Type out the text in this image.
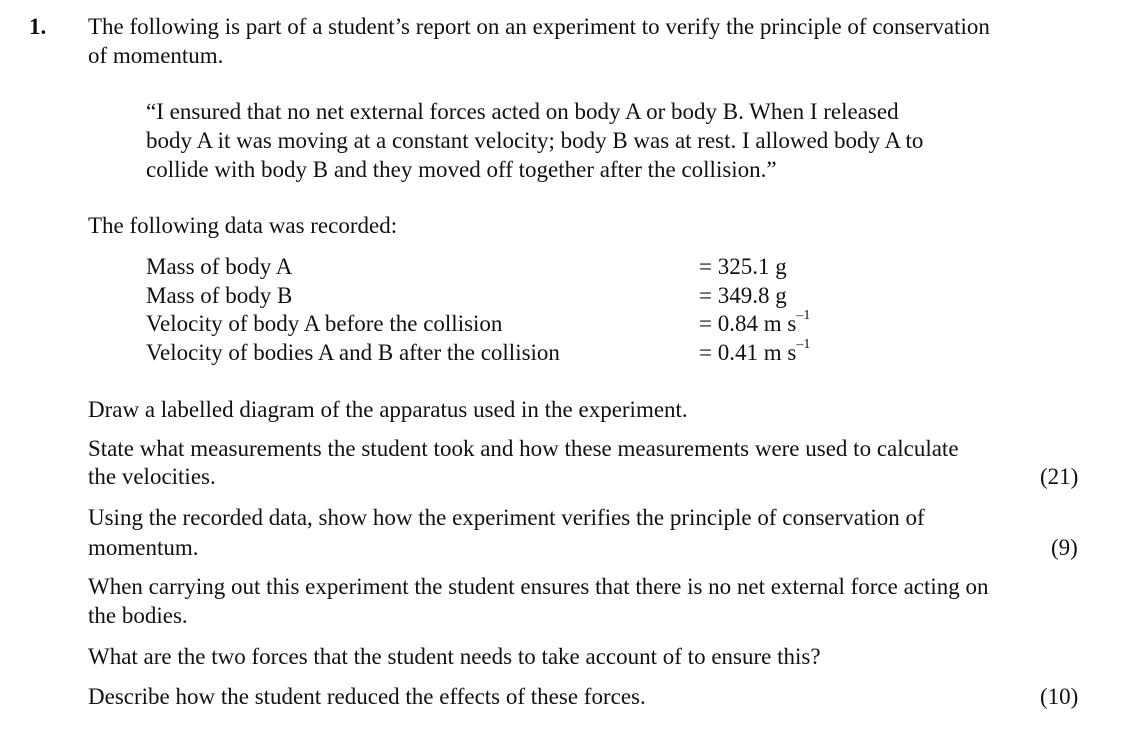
1. The following is part of a student’s report on an experiment to verify the principle of conservation
of momentum.
“I ensured that no net external forces acted on body A or body B. When I released
body A it was moving at a constant velocity; body B was at rest. I allowed body A to
collide with body B and they moved off together after the collision.”
The following data was recorded:
Mass of body A	= 325.1 g
Mass of body B	= 349.8 g
Velocity of body A before the collision	= 0.84 m $s^{-1}$
Velocity of bodies A and B after the collision	= 0.41 m $s^{-1}$
Draw a labelled diagram of the apparatus used in the experiment.
State what measurements the student took and how these measurements were used to calculate
the velocities.	(21)
Using the recorded data, show how the experiment verifies the principle of conservation of
momentum.	(9)
When carrying out this experiment the student ensures that there is no net external force acting on
the bodies.
What are the two forces that the student needs to take account of to ensure this?
Describe how the student reduced the effects of these forces.	(10)
